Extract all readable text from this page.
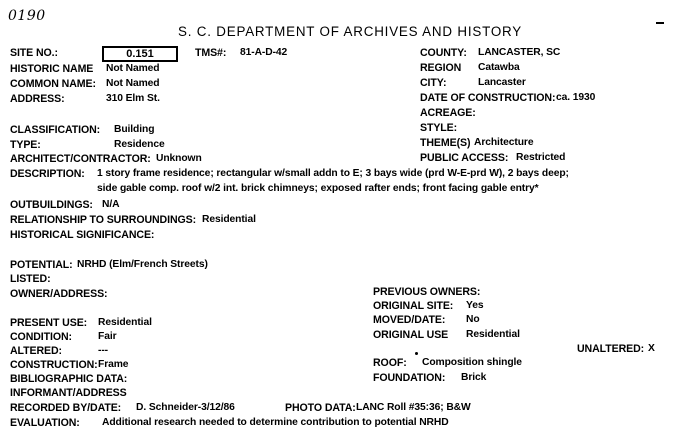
0190
S. C. DEPARTMENT OF ARCHIVES AND HISTORY
SITE NO.:	0.151	TMS#: 81-A-D-42
HISTORIC NAME Not Named
COMMON NAME: Not Named
ADDRESS:	310 Elm St.
COUNTY: LANCASTER, SC
REGION Catawba
CITY:	Lancaster
DATE OF CONSTRUCTION: ca. 1930
ACREAGE:
STYLE:
THEME(S) Architecture
PUBLIC ACCESS: Restricted
CLASSIFICATION: Building
TYPE:	Residence
ARCHITECT/CONTRACTOR: Unknown
DESCRIPTION: 1 story frame residence; rectangular w/small addn to E; 3 bays wide (prd W-E-prd W), 2 bays deep;
side gable comp. roof w/2 int. brick chimneys; exposed rafter ends; front facing gable entry*
OUTBUILDINGS: N/A
RELATIONSHIP TO SURROUNDINGS: Residential
HISTORICAL SIGNIFICANCE:
POTENTIAL: NRHD (Elm/French Streets)
LISTED:
OWNER/ADDRESS:	PREVIOUS OWNERS:
ORIGINAL SITE: Yes
MOVED/DATE: No
ORIGINAL USE Residential
PRESENT USE: Residential
CONDITION:	Fair
ALTERED:	---	UNALTERED: X
CONSTRUCTION: Frame	ROOF: Composition shingle
BIBLIOGRAPHIC DATA:	FOUNDATION: Brick
INFORMANT/ADDRESS
RECORDED BY/DATE: D. Schneider-3/12/86	PHOTO DATA: LANC Roll #35:36; B&W
EVALUATION: Additional research needed to determine contribution to potential NRHD
